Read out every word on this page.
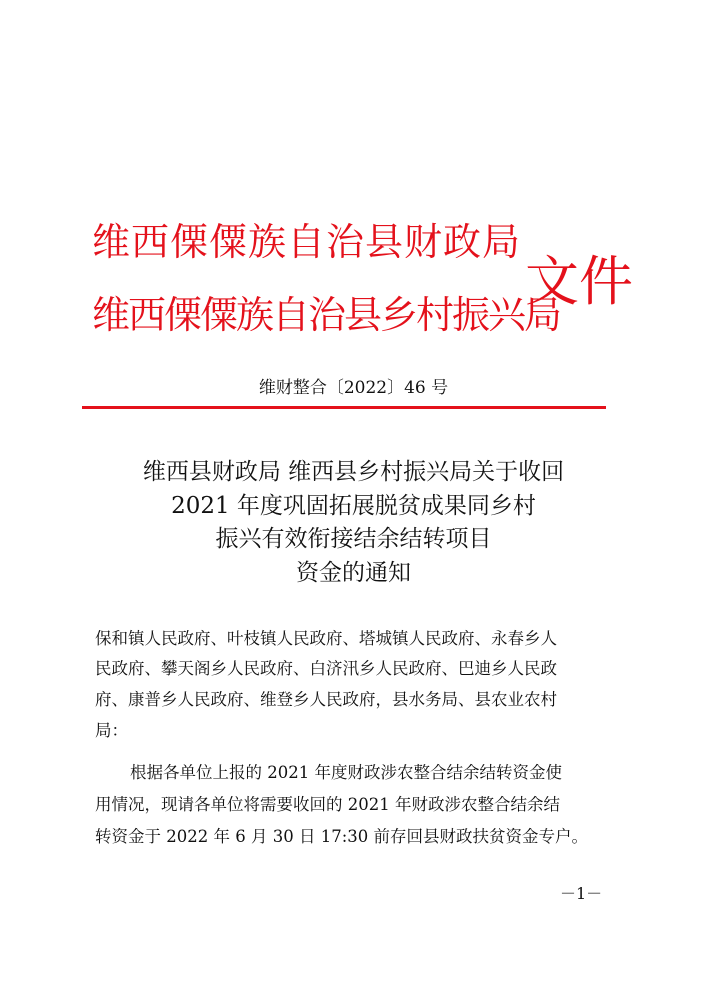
维西傈僳族自治县财政局
维西傈僳族自治县乡村振兴局
文件
维财整合〔2022〕46 号
维西县财政局 维西县乡村振兴局关于收回
2021 年度巩固拓展脱贫成果同乡村
振兴有效衔接结余结转项目
资金的通知
保和镇人民政府、叶枝镇人民政府、塔城镇人民政府、永春乡人
民政府、攀天阁乡人民政府、白济汛乡人民政府、巴迪乡人民政
府、康普乡人民政府、维登乡人民政府，县水务局、县农业农村
局：
根据各单位上报的 2021 年度财政涉农整合结余结转资金使
用情况，现请各单位将需要收回的 2021 年财政涉农整合结余结
转资金于 2022 年 6 月 30 日 17:30 前存回县财政扶贫资金专户。
－1－
